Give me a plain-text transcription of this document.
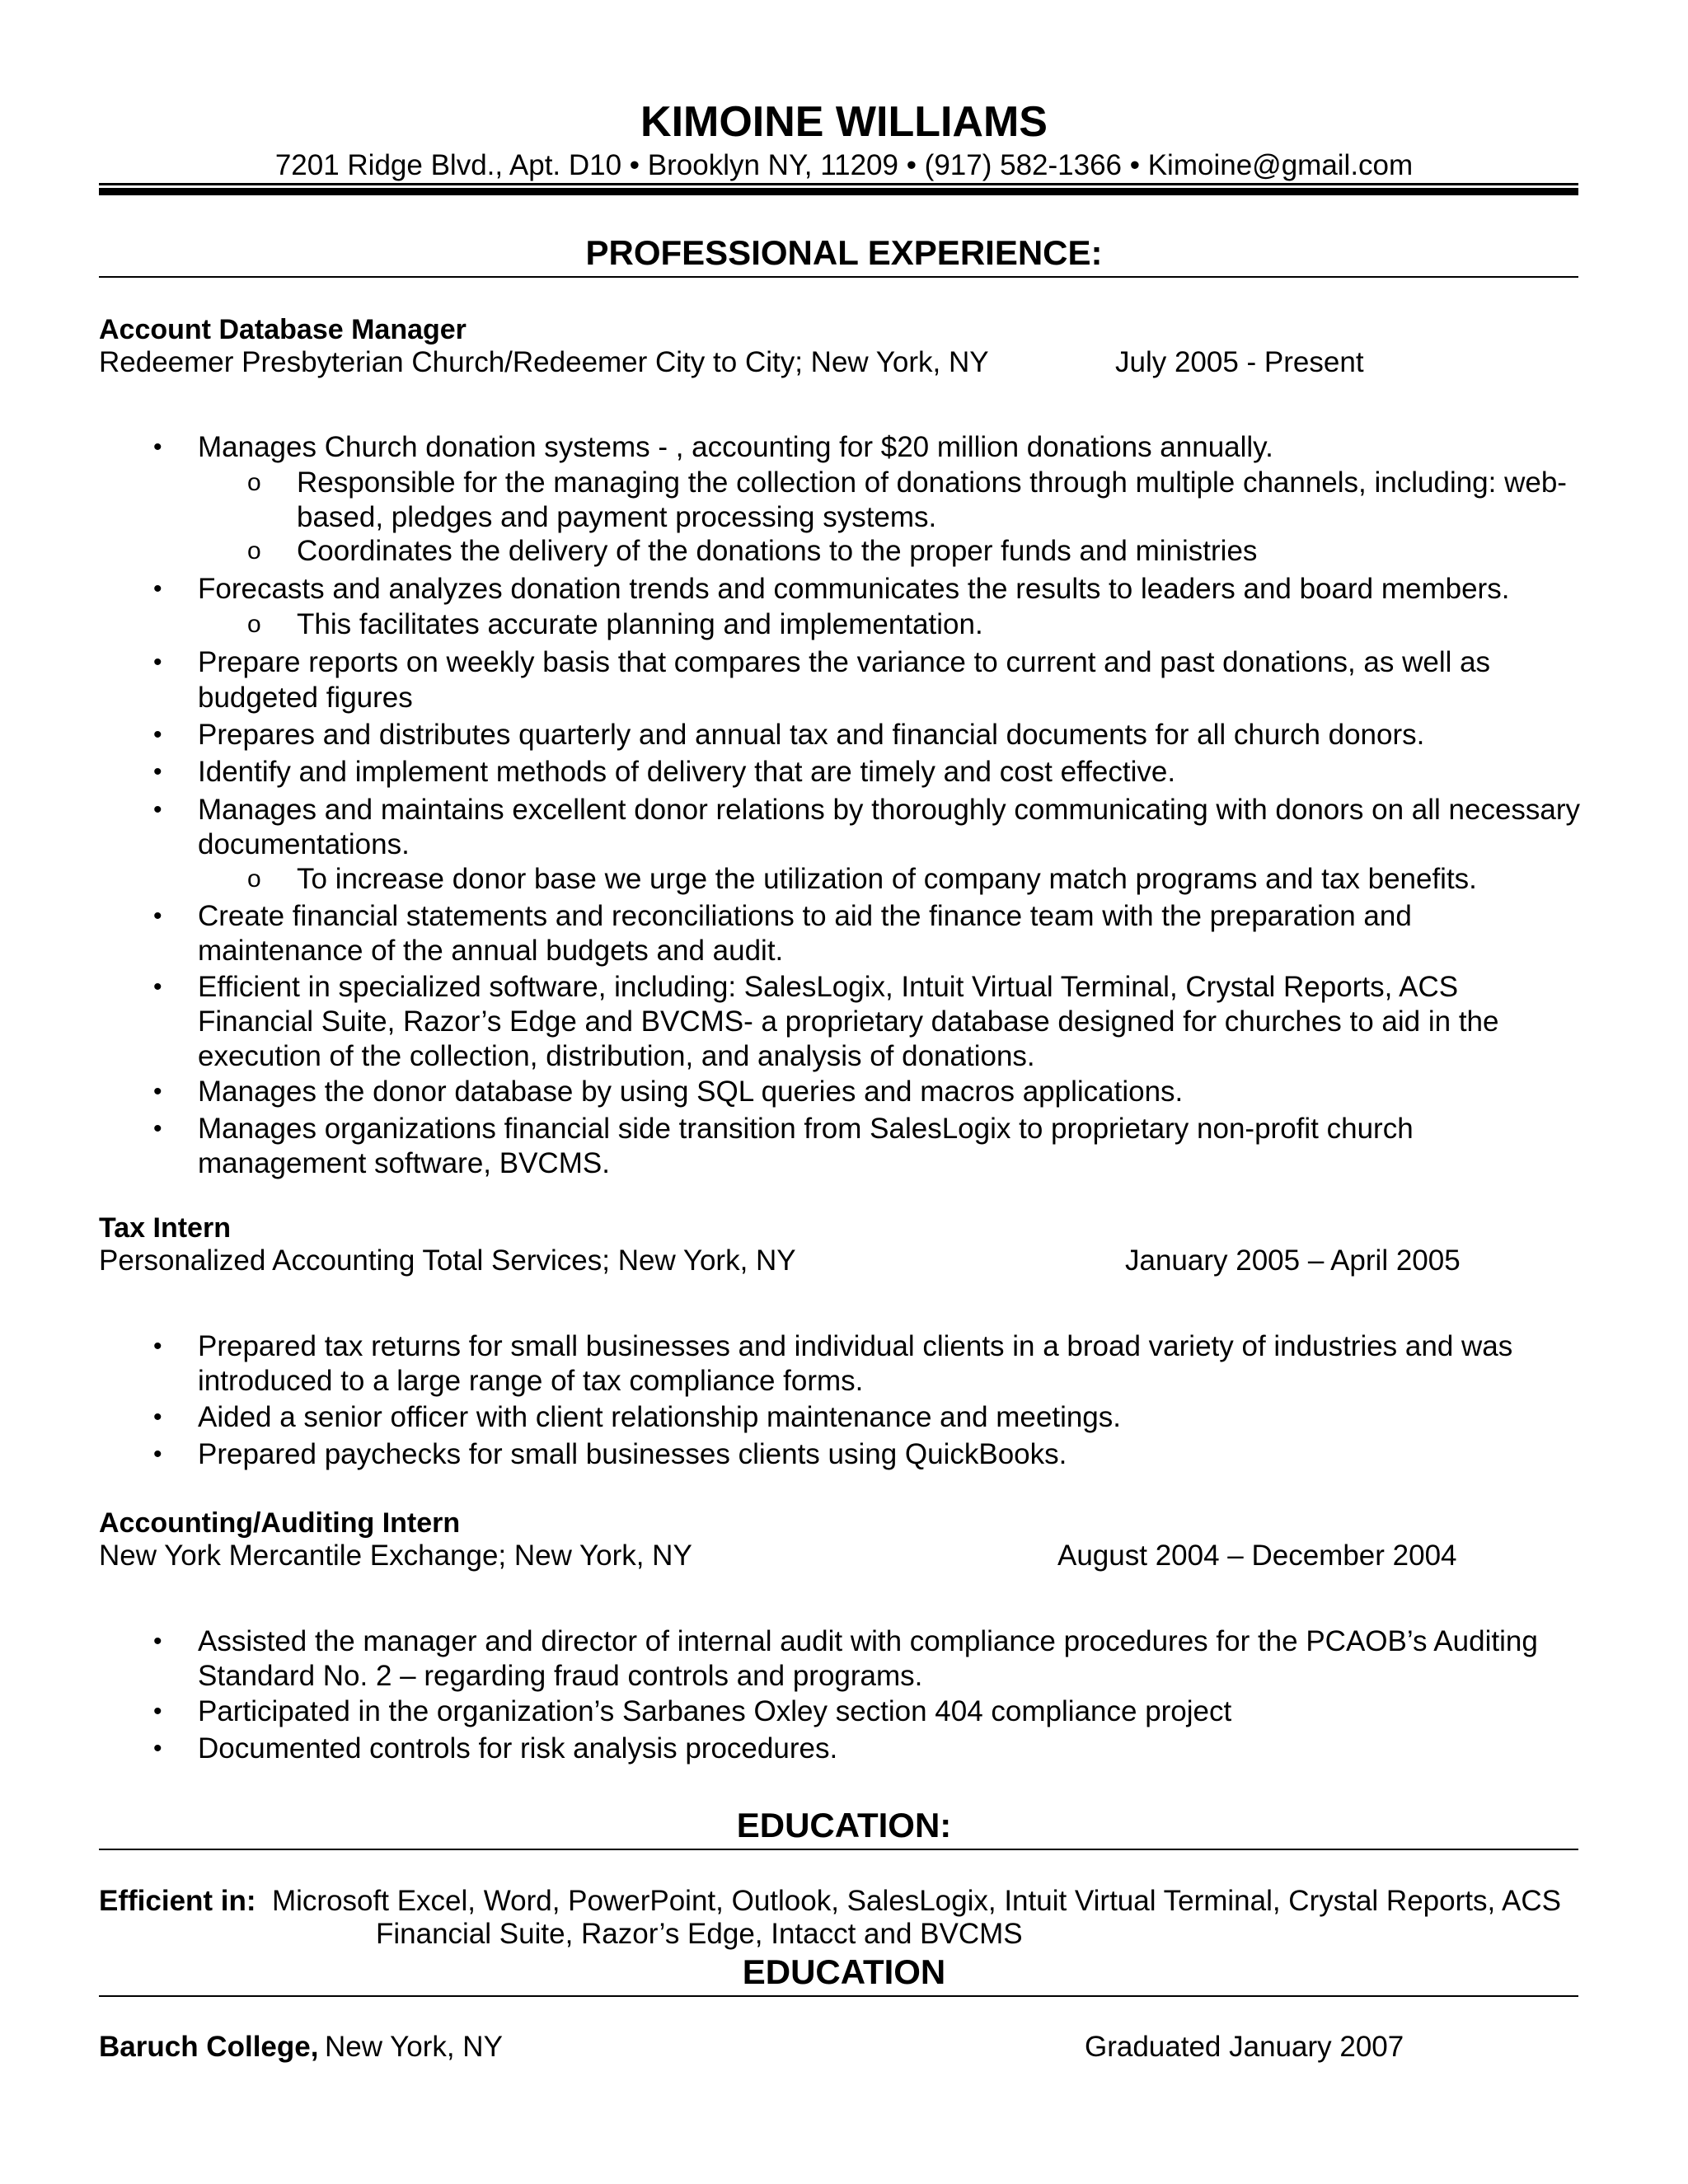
KIMOINE WILLIAMS
7201 Ridge Blvd., Apt. D10 • Brooklyn NY, 11209 • (917) 582-1366 • Kimoine@gmail.com
PROFESSIONAL EXPERIENCE:
Account Database Manager
Redeemer Presbyterian Church/Redeemer City to City; New York, NY	July 2005 - Present
• Manages Church donation systems - , accounting for $20 million donations annually.
o Responsible for the managing the collection of donations through multiple channels, including: web-
based, pledges and payment processing systems.
o Coordinates the delivery of the donations to the proper funds and ministries
• Forecasts and analyzes donation trends and communicates the results to leaders and board members.
o This facilitates accurate planning and implementation.
• Prepare reports on weekly basis that compares the variance to current and past donations, as well as
budgeted figures
• Prepares and distributes quarterly and annual tax and financial documents for all church donors.
• Identify and implement methods of delivery that are timely and cost effective.
• Manages and maintains excellent donor relations by thoroughly communicating with donors on all necessary
documentations.
o To increase donor base we urge the utilization of company match programs and tax benefits.
• Create financial statements and reconciliations to aid the finance team with the preparation and
maintenance of the annual budgets and audit.
• Efficient in specialized software, including: SalesLogix, Intuit Virtual Terminal, Crystal Reports, ACS
Financial Suite, Razor’s Edge and BVCMS- a proprietary database designed for churches to aid in the
execution of the collection, distribution, and analysis of donations.
• Manages the donor database by using SQL queries and macros applications.
• Manages organizations financial side transition from SalesLogix to proprietary non-profit church
management software, BVCMS.
Tax Intern
Personalized Accounting Total Services; New York, NY	January 2005 – April 2005
• Prepared tax returns for small businesses and individual clients in a broad variety of industries and was
introduced to a large range of tax compliance forms.
• Aided a senior officer with client relationship maintenance and meetings.
• Prepared paychecks for small businesses clients using QuickBooks.
Accounting/Auditing Intern
New York Mercantile Exchange; New York, NY	August 2004 – December 2004
• Assisted the manager and director of internal audit with compliance procedures for the PCAOB’s Auditing
Standard No. 2 – regarding fraud controls and programs.
• Participated in the organization’s Sarbanes Oxley section 404 compliance project
• Documented controls for risk analysis procedures.
EDUCATION:
Efficient in: Microsoft Excel, Word, PowerPoint, Outlook, SalesLogix, Intuit Virtual Terminal, Crystal Reports, ACS
Financial Suite, Razor’s Edge, Intacct and BVCMS
EDUCATION
Baruch College, New York, NY	Graduated January 2007
